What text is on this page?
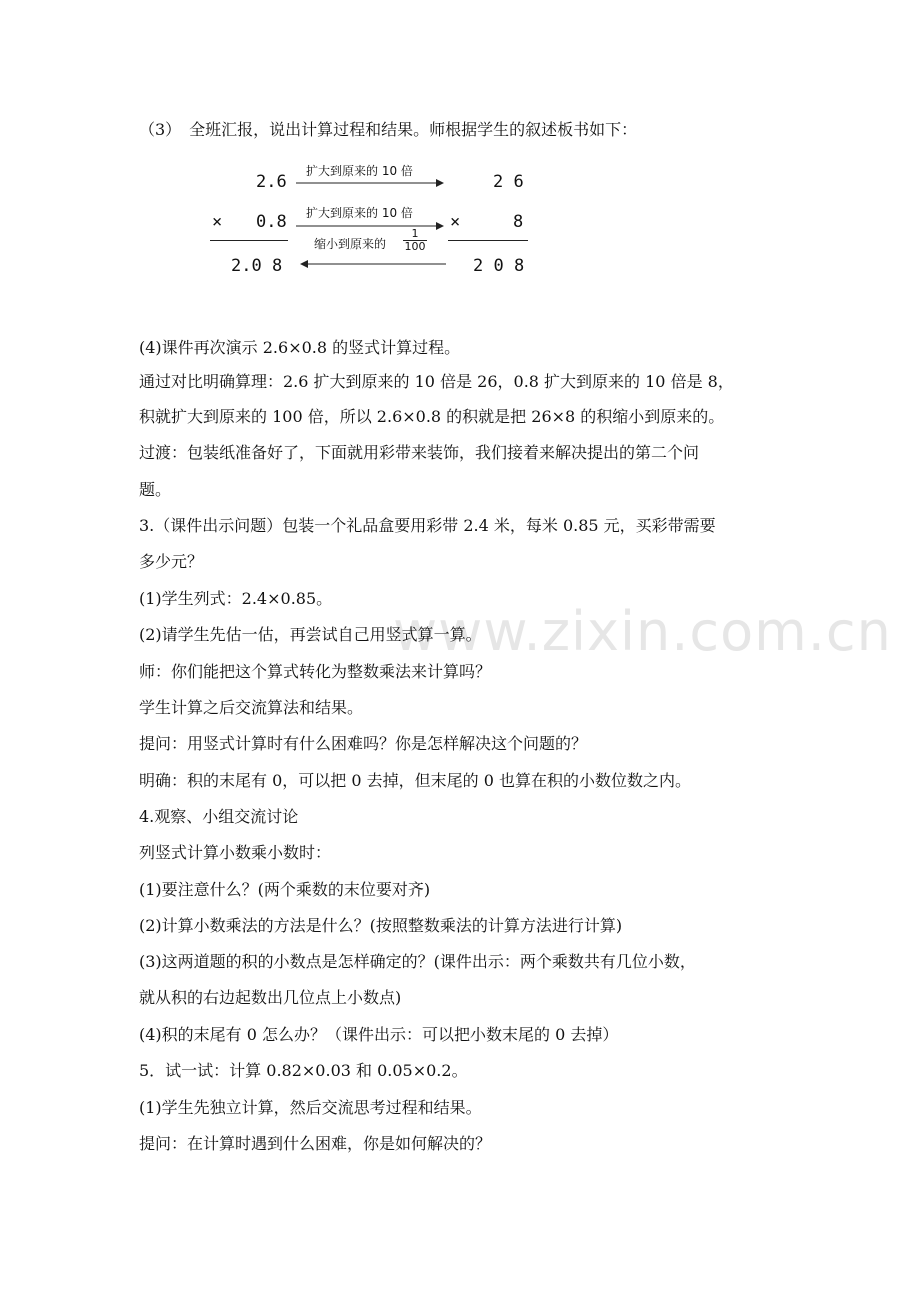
www.zixin.com.cn
（3）　全班汇报，说出计算过程和结果。师根据学生的叙述板书如下：
2.6
× 0.8
2.0 8
扩大到原来的 10 倍
扩大到原来的 10 倍
缩小到原来的 $\frac{1}{100}$
2 6
×	8
2 0 8
(4)课件再次演示 2.6×0.8 的竖式计算过程。
通过对比明确算理：2.6 扩大到原来的 10 倍是 26，0.8 扩大到原来的 10 倍是 8，
积就扩大到原来的 100 倍，所以 2.6×0.8 的积就是把 26×8 的积缩小到原来的。
过渡：包装纸准备好了，下面就用彩带来装饰，我们接着来解决提出的第二个问
题。
3.（课件出示问题）包装一个礼品盒要用彩带 2.4 米，每米 0.85 元，买彩带需要
多少元？
(1)学生列式：2.4×0.85。
(2)请学生先估一估，再尝试自己用竖式算一算。
师：你们能把这个算式转化为整数乘法来计算吗？
学生计算之后交流算法和结果。
提问：用竖式计算时有什么困难吗？你是怎样解决这个问题的？
明确：积的末尾有 0，可以把 0 去掉，但末尾的 0 也算在积的小数位数之内。
4.观察、小组交流讨论
列竖式计算小数乘小数时：
(1)要注意什么？(两个乘数的末位要对齐)
(2)计算小数乘法的方法是什么？(按照整数乘法的计算方法进行计算)
(3)这两道题的积的小数点是怎样确定的？(课件出示：两个乘数共有几位小数，
就从积的右边起数出几位点上小数点)
(4)积的末尾有 0 怎么办？（课件出示：可以把小数末尾的 0 去掉）
5．试一试：计算 0.82×0.03 和 0.05×0.2。
(1)学生先独立计算，然后交流思考过程和结果。
提问：在计算时遇到什么困难，你是如何解决的？
